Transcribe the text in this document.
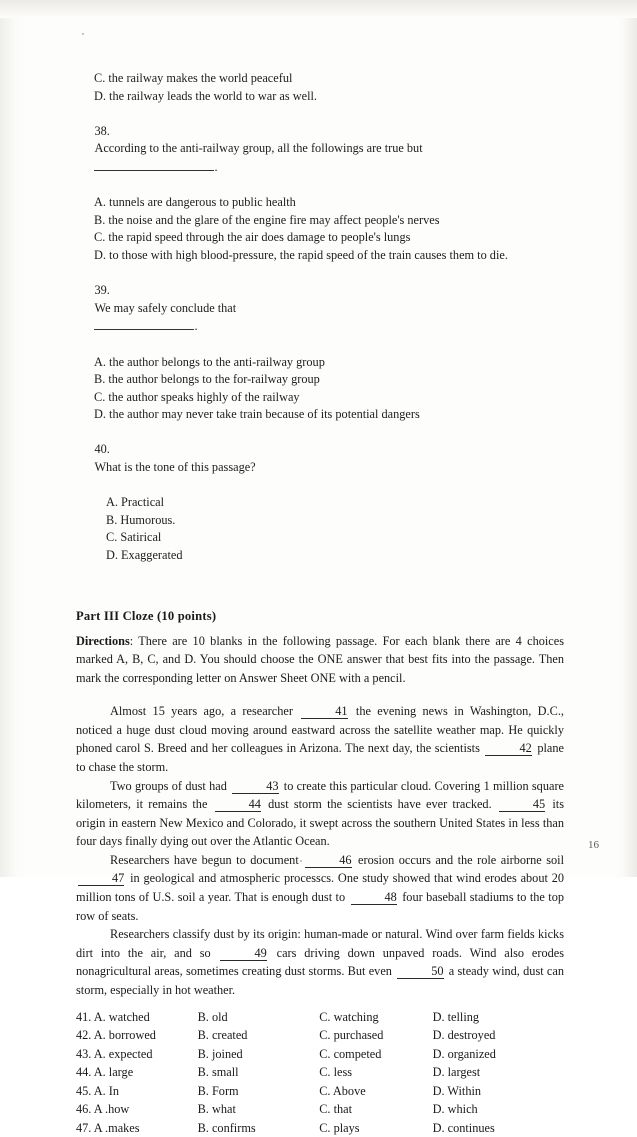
C. the railway makes the world peaceful
D. the railway leads the world to war as well.

38.
According to the anti-railway group, all the followings are true but
.

A. tunnels are dangerous to public health
B. the noise and the glare of the engine fire may affect people's nerves
C. the rapid speed through the air does damage to people's lungs
D. to those with high blood-pressure, the rapid speed of the train causes them to die.

39.
We may safely conclude that
.

A. the author belongs to the anti-railway group
B. the author belongs to the for-railway group
C. the author speaks highly of the railway
D. the author may never take train because of its potential dangers

40.
What is the tone of this passage?

A. Practical
B. Humorous.
C. Satirical
D. Exaggerated
Part III Cloze (10 points)
Directions: There are 10 blanks in the following passage. For each blank there are 4 choices marked A, B, C, and D. You should choose the ONE answer that best fits into the passage. Then mark the corresponding letter on Answer Sheet ONE with a pencil.
Almost 15 years ago, a researcher	41 the evening news in Washington, D.C., noticed a huge dust cloud moving around eastward across the satellite weather map. He quickly phoned carol S. Breed and her colleagues in Arizona. The next day, the scientists	42 plane to chase the storm.
Two groups of dust had	43 to create this particular cloud. Covering 1 million square kilometers, it remains the	44 dust storm the scientists have ever tracked.	45 its origin in eastern New Mexico and Colorado, it swept across the southern United States in less than four days finally dying out over the Atlantic Ocean.
Researchers have begun to document	46 erosion occurs and the role airborne soil 47 in geological and atmospheric processcs. One study showed that wind erodes about 20 million tons of U.S. soil a year. That is enough dust to	48 four baseball stadiums to the top row of seats.
Researchers classify dust by its origin: human-made or natural. Wind over farm fields kicks dirt into the air, and so	49 cars driving down unpaved roads. Wind also erodes nonagricultural areas, sometimes creating dust storms. But even	50 a steady wind, dust can storm, especially in hot weather.
41. A. watched	B. old	C. watching	D. telling
42. A. borrowed	B. created	C. purchased	D. destroyed
43. A. expected	B. joined	C. competed	D. organized
44. A. large	B. small	C. less	D. largest
45. A. In	B. Form	C. Above	D. Within
46. A .how	B. what	C. that	D. which
47. A .makes	B. confirms	C. plays	D. continues
16
